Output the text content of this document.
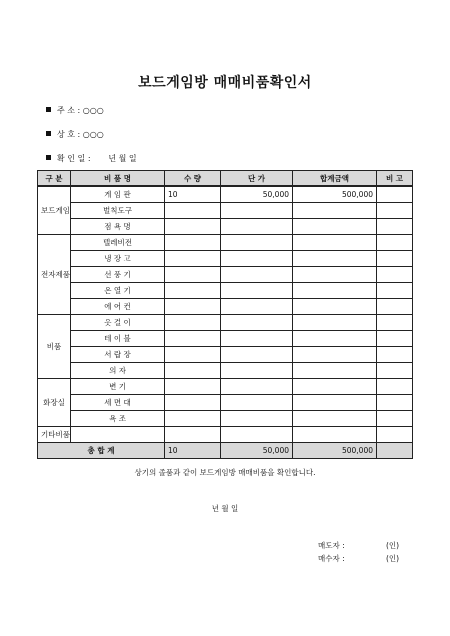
보드게임방 매매비품확인서
주 소 : ○○○
상 호 : ○○○
확 인 일 : 년 월 일
구 분	비 품 명	수 량	단 가	합계금액	비 고
보드게임	게 임 판	10	50,000	500,000	
	벌칙도구				
	점 욕 명				
전자제품	텔레비전				
	냉 장 고				
	선 풍 기				
	온 열 기				
	에 어 컨				
비품	옷 걸 이				
	테 이 블				
	서 랍 장				
	의 자				
화장실	변 기				
	세 면 대				
	욕 조				
기타비품					
총 합 계		10	50,000	500,000	
상기의 졸품과 같이 보드게임방 매매비품을 확인합니다.
년 월 일
매도자 :	(인)
매수자 :	(인)
